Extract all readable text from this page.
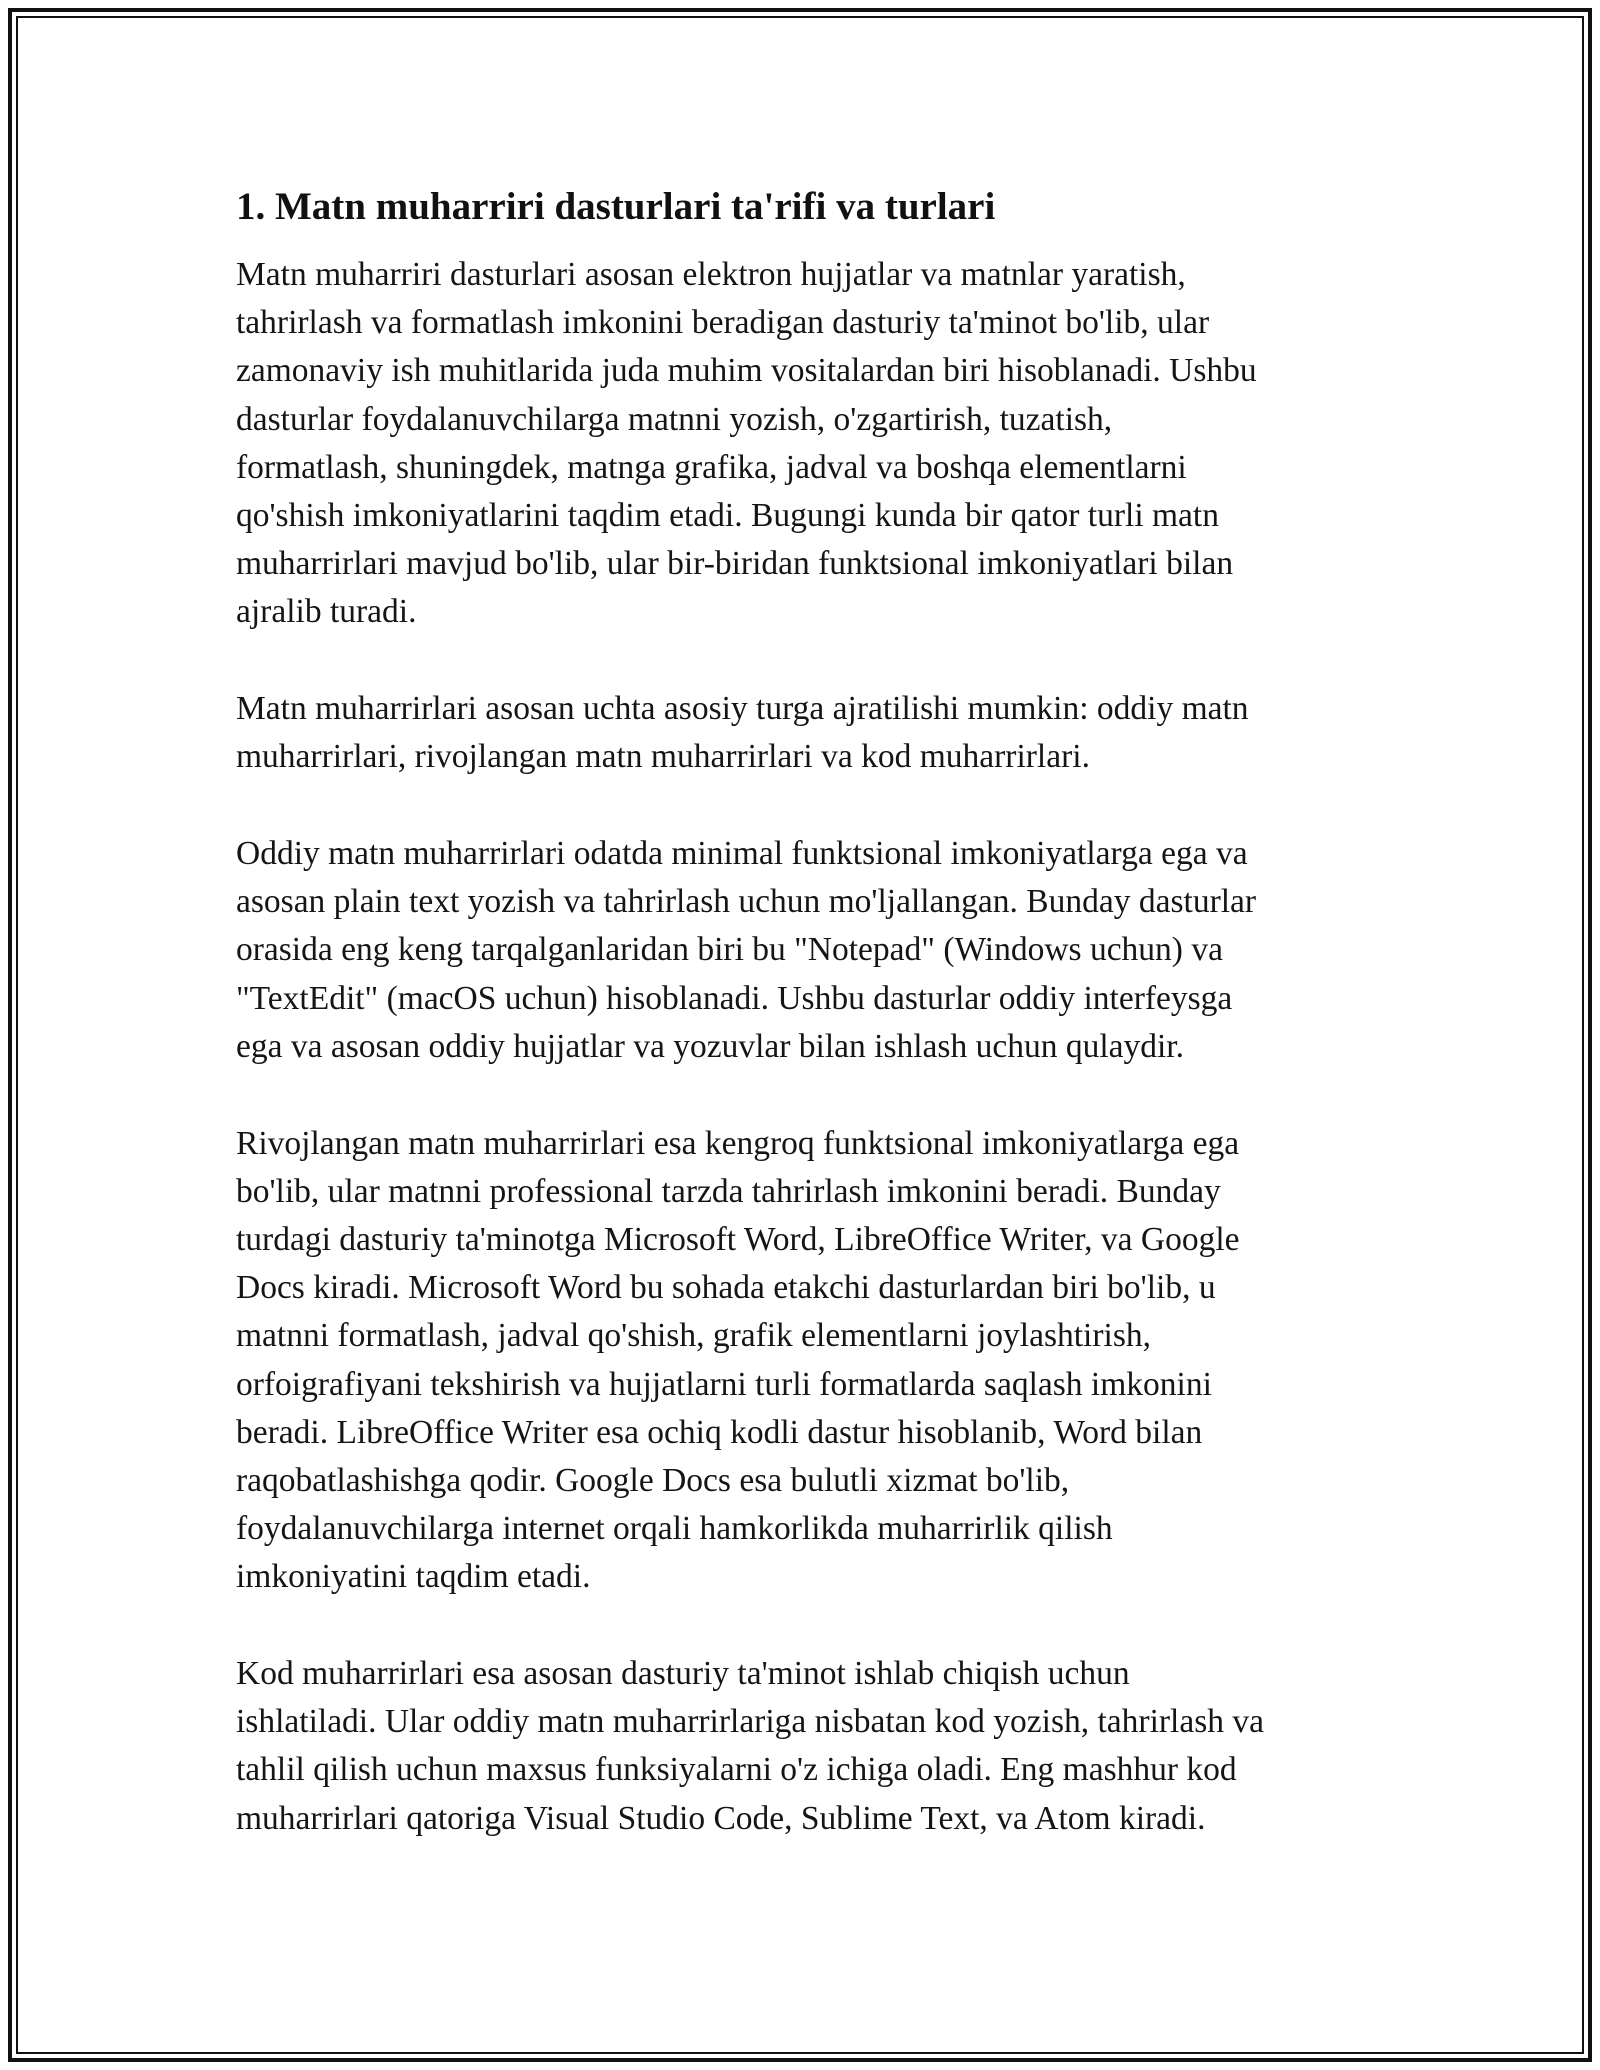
1. Matn muharriri dasturlari ta'rifi va turlari

Matn muharriri dasturlari asosan elektron hujjatlar va matnlar yaratish,
tahrirlash va formatlash imkonini beradigan dasturiy ta'minot bo'lib, ular
zamonaviy ish muhitlarida juda muhim vositalardan biri hisoblanadi. Ushbu
dasturlar foydalanuvchilarga matnni yozish, o'zgartirish, tuzatish,
formatlash, shuningdek, matnga grafika, jadval va boshqa elementlarni
qo'shish imkoniyatlarini taqdim etadi. Bugungi kunda bir qator turli matn
muharrirlari mavjud bo'lib, ular bir-biridan funktsional imkoniyatlari bilan
ajralib turadi.

Matn muharrirlari asosan uchta asosiy turga ajratilishi mumkin: oddiy matn
muharrirlari, rivojlangan matn muharrirlari va kod muharrirlari.

Oddiy matn muharrirlari odatda minimal funktsional imkoniyatlarga ega va
asosan plain text yozish va tahrirlash uchun mo'ljallangan. Bunday dasturlar
orasida eng keng tarqalganlaridan biri bu "Notepad" (Windows uchun) va
"TextEdit" (macOS uchun) hisoblanadi. Ushbu dasturlar oddiy interfeysga
ega va asosan oddiy hujjatlar va yozuvlar bilan ishlash uchun qulaydir.

Rivojlangan matn muharrirlari esa kengroq funktsional imkoniyatlarga ega
bo'lib, ular matnni professional tarzda tahrirlash imkonini beradi. Bunday
turdagi dasturiy ta'minotga Microsoft Word, LibreOffice Writer, va Google
Docs kiradi. Microsoft Word bu sohada etakchi dasturlardan biri bo'lib, u
matnni formatlash, jadval qo'shish, grafik elementlarni joylashtirish,
orfoigrafiyani tekshirish va hujjatlarni turli formatlarda saqlash imkonini
beradi. LibreOffice Writer esa ochiq kodli dastur hisoblanib, Word bilan
raqobatlashishga qodir. Google Docs esa bulutli xizmat bo'lib,
foydalanuvchilarga internet orqali hamkorlikda muharrirlik qilish
imkoniyatini taqdim etadi.

Kod muharrirlari esa asosan dasturiy ta'minot ishlab chiqish uchun
ishlatiladi. Ular oddiy matn muharrirlariga nisbatan kod yozish, tahrirlash va
tahlil qilish uchun maxsus funksiyalarni o'z ichiga oladi. Eng mashhur kod
muharrirlari qatoriga Visual Studio Code, Sublime Text, va Atom kiradi.
